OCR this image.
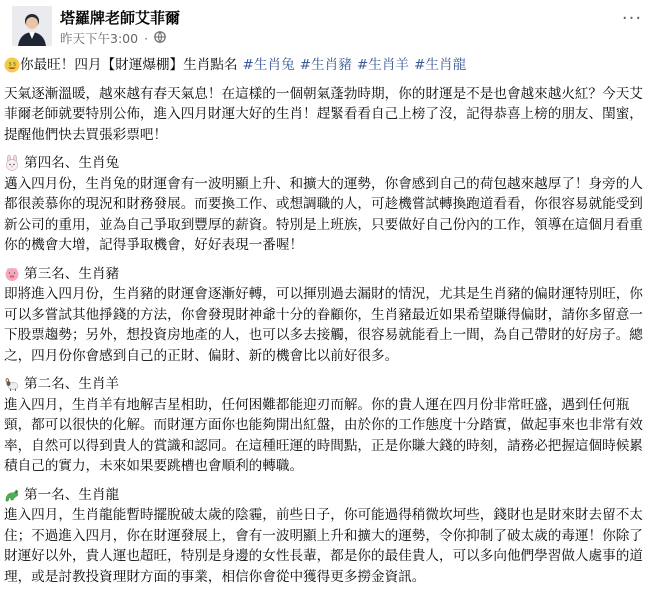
塔羅牌老師艾菲爾
昨天下午3:00 ·
···

$ $ 你最旺！四月【財運爆棚】生肖點名 #生肖兔 #生肖豬 #生肖羊 #生肖龍

天氣逐漸溫暖，越來越有春天氣息！在這樣的一個朝氣蓬勃時期，你的財運是不是也會越來越火紅？今天艾菲爾老師就要特別公佈，進入四月財運大好的生肖！趕緊看看自己上榜了沒，記得恭喜上榜的朋友、閨蜜，提醒他們快去買張彩票吧！

第四名、生肖兔

邁入四月份，生肖兔的財運會有一波明顯上升、和擴大的運勢，你會感到自己的荷包越來越厚了！身旁的人都很羨慕你的現況和財務發展。而要換工作、或想調職的人，可趁機嘗試轉換跑道看看，你很容易就能受到新公司的重用，並為自己爭取到豐厚的薪資。特別是上班族，只要做好自己份內的工作，領導在這個月看重你的機會大增，記得爭取機會，好好表現一番喔！

第三名、生肖豬

即將進入四月份，生肖豬的財運會逐漸好轉，可以揮別過去漏財的情況，尤其是生肖豬的偏財運特別旺，你可以多嘗試其他掙錢的方法，你會發現財神爺十分的眷顧你，生肖豬最近如果希望賺得偏財，請你多留意一下股票趨勢；另外，想投資房地產的人，也可以多去接觸，很容易就能看上一間，為自己帶財的好房子。總之，四月份你會感到自己的正財、偏財、新的機會比以前好很多。

第二名、生肖羊

進入四月，生肖羊有地解吉星相助，任何困難都能迎刃而解。你的貴人運在四月份非常旺盛，遇到任何瓶頸，都可以很快的化解。而財運方面你也能夠開出紅盤，由於你的工作態度十分踏實，做起事來也非常有效率，自然可以得到貴人的賞識和認同。在這種旺運的時間點，正是你賺大錢的時刻，請務必把握這個時候累積自己的實力，未來如果要跳槽也會順利的轉職。

第一名、生肖龍

進入四月，生肖龍能暫時擺脫破太歲的陰霾，前些日子，你可能過得稍微坎坷些，錢財也是財來財去留不太住；不過進入四月，你在財運發展上，會有一波明顯上升和擴大的運勢，令你抑制了破太歲的毒運！你除了財運好以外，貴人運也超旺，特別是身邊的女性長輩，都是你的最佳貴人，可以多向他們學習做人處事的道理，或是討教投資理財方面的事業，相信你會從中獲得更多撈金資訊。
